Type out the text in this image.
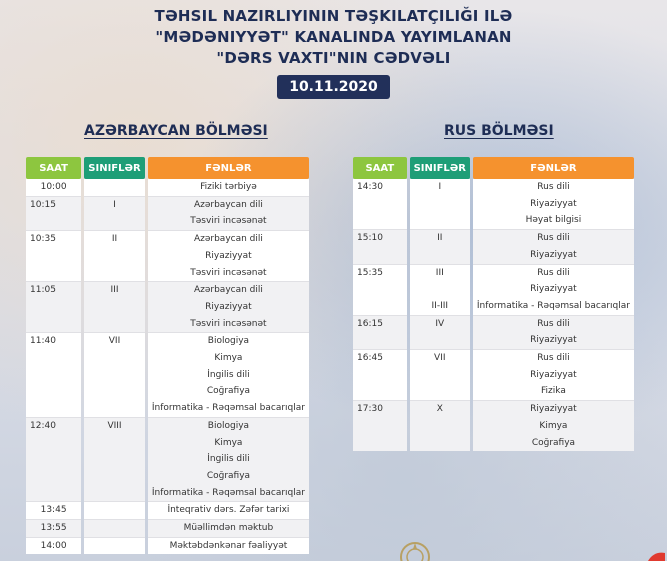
TƏHSIL NAZIRLIYININ TƏŞKILATÇILIĞI ILƏ
"MƏDƏNIYYƏT" KANALINDA YAYIMLANAN
"DƏRS VAXTI"NIN CƏDVƏLI
10.11.2020
AZƏRBAYCAN BÖLMƏSI	RUS BÖLMƏSI
SAAT	SINIFLƏR	FƏNLƏR
10:00		Fiziki tərbiyə
10:15	I	Azərbaycan dili
		Təsviri incəsənət
10:35	II	Azərbaycan dili
		Riyaziyyat
		Təsviri incəsənət
11:05	III	Azərbaycan dili
		Riyaziyyat
		Təsviri incəsənət
11:40	VII	Biologiya
		Kimya
		İngilis dili
		Coğrafiya
		İnformatika - Rəqəmsal bacarıqlar
12:40	VIII	Biologiya
		Kimya
		İngilis dili
		Coğrafiya
		İnformatika - Rəqəmsal bacarıqlar
13:45		İnteqrativ dərs. Zəfər tarixi
13:55		Müəllimdən məktub
14:00		Məktəbdənkənar fəaliyyət
SAAT	SINIFLƏR	FƏNLƏR
14:30	I	Rus dili
		Riyaziyyat
		Həyat bilgisi
15:10	II	Rus dili
		Riyaziyyat
15:35	III	Rus dili
		Riyaziyyat
	II-III	İnformatika - Rəqəmsal bacarıqlar
16:15	IV	Rus dili
		Riyaziyyat
16:45	VII	Rus dili
		Riyaziyyat
		Fizika
17:30	X	Riyaziyyat
		Kimya
		Coğrafiya
